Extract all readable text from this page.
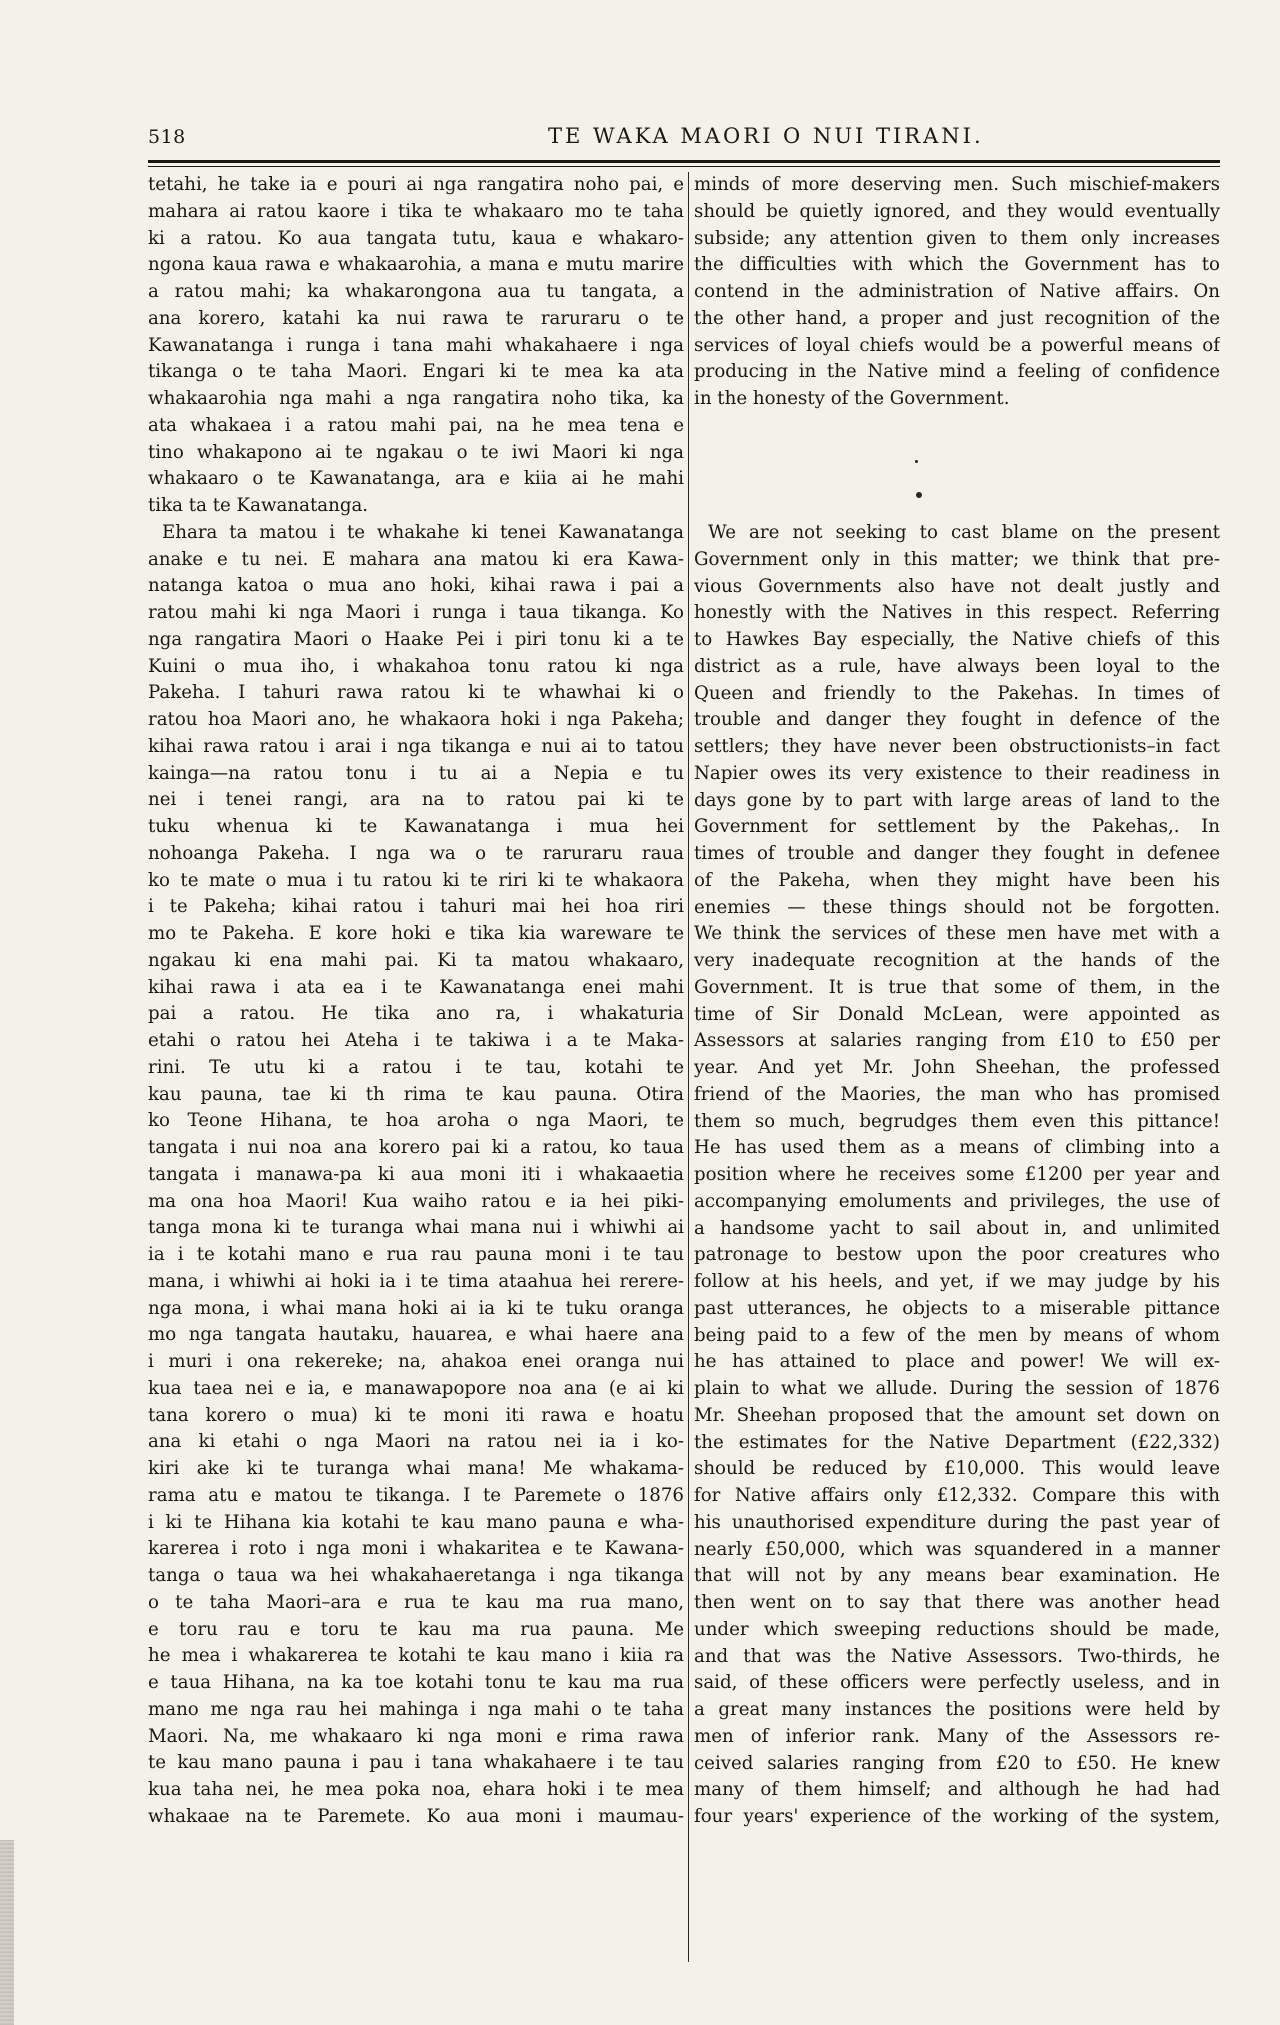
518	TE WAKA MAORI O NUI TIRANI.
tetahi, he take ia e pouri ai nga rangatira noho pai, e
mahara ai ratou kaore i tika te whakaaro mo te taha
ki a ratou. Ko aua tangata tutu, kaua e whakaro-
ngona kaua rawa e whakaarohia, a mana e mutu marire
a ratou mahi; ka whakarongona aua tu tangata, a
ana korero, katahi ka nui rawa te raruraru o te
Kawanatanga i runga i tana mahi whakahaere i nga
tikanga o te taha Maori. Engari ki te mea ka ata
whakaarohia nga mahi a nga rangatira noho tika, ka
ata whakaea i a ratou mahi pai, na he mea tena e
tino whakapono ai te ngakau o te iwi Maori ki nga
whakaaro o te Kawanatanga, ara e kiia ai he mahi
tika ta te Kawanatanga.
Ehara ta matou i te whakahe ki tenei Kawanatanga
anake e tu nei. E mahara ana matou ki era Kawa-
natanga katoa o mua ano hoki, kihai rawa i pai a
ratou mahi ki nga Maori i runga i taua tikanga. Ko
nga rangatira Maori o Haake Pei i piri tonu ki a te
Kuini o mua iho, i whakahoa tonu ratou ki nga
Pakeha. I tahuri rawa ratou ki te whawhai ki o
ratou hoa Maori ano, he whakaora hoki i nga Pakeha;
kihai rawa ratou i arai i nga tikanga e nui ai to tatou
kainga—na ratou tonu i tu ai a Nepia e tu
nei i tenei rangi, ara na to ratou pai ki te
tuku whenua ki te Kawanatanga i mua hei
nohoanga Pakeha. I nga wa o te raruraru raua
ko te mate o mua i tu ratou ki te riri ki te whakaora
i te Pakeha; kihai ratou i tahuri mai hei hoa riri
mo te Pakeha. E kore hoki e tika kia wareware te
ngakau ki ena mahi pai. Ki ta matou whakaaro,
kihai rawa i ata ea i te Kawanatanga enei mahi
pai a ratou. He tika ano ra, i whakaturia
etahi o ratou hei Ateha i te takiwa i a te Maka-
rini. Te utu ki a ratou i te tau, kotahi te
kau pauna, tae ki th rima te kau pauna. Otira
ko Teone Hihana, te hoa aroha o nga Maori, te
tangata i nui noa ana korero pai ki a ratou, ko taua
tangata i manawa-pa ki aua moni iti i whakaaetia
ma ona hoa Maori! Kua waiho ratou e ia hei piki-
tanga mona ki te turanga whai mana nui i whiwhi ai
ia i te kotahi mano e rua rau pauna moni i te tau
mana, i whiwhi ai hoki ia i te tima ataahua hei rerere-
nga mona, i whai mana hoki ai ia ki te tuku oranga
mo nga tangata hautaku, hauarea, e whai haere ana
i muri i ona rekereke; na, ahakoa enei oranga nui
kua taea nei e ia, e manawapopore noa ana (e ai ki
tana korero o mua) ki te moni iti rawa e hoatu
ana ki etahi o nga Maori na ratou nei ia i ko-
kiri ake ki te turanga whai mana! Me whakama-
rama atu e matou te tikanga. I te Paremete o 1876
i ki te Hihana kia kotahi te kau mano pauna e wha-
karerea i roto i nga moni i whakaritea e te Kawana-
tanga o taua wa hei whakahaeretanga i nga tikanga
o te taha Maori–ara e rua te kau ma rua mano,
e toru rau e toru te kau ma rua pauna. Me
he mea i whakarerea te kotahi te kau mano i kiia ra
e taua Hihana, na ka toe kotahi tonu te kau ma rua
mano me nga rau hei mahinga i nga mahi o te taha
Maori. Na, me whakaaro ki nga moni e rima rawa
te kau mano pauna i pau i tana whakahaere i te tau
kua taha nei, he mea poka noa, ehara hoki i te mea
whakaae na te Paremete. Ko aua moni i maumau-
minds of more deserving men. Such mischief-makers
should be quietly ignored, and they would eventually
subside; any attention given to them only increases
the difficulties with which the Government has to
contend in the administration of Native affairs. On
the other hand, a proper and just recognition of the
services of loyal chiefs would be a powerful means of
producing in the Native mind a feeling of confidence
in the honesty of the Government.
We are not seeking to cast blame on the present
Government only in this matter; we think that pre-
vious Governments also have not dealt justly and
honestly with the Natives in this respect. Referring
to Hawkes Bay especially, the Native chiefs of this
district as a rule, have always been loyal to the
Queen and friendly to the Pakehas. In times of
trouble and danger they fought in defence of the
settlers; they have never been obstructionists–in fact
Napier owes its very existence to their readiness in
days gone by to part with large areas of land to the
Government for settlement by the Pakehas,. In
times of trouble and danger they fought in defenee
of the Pakeha, when they might have been his
enemies — these things should not be forgotten.
We think the services of these men have met with a
very inadequate recognition at the hands of the
Government. It is true that some of them, in the
time of Sir Donald McLean, were appointed as
Assessors at salaries ranging from £10 to £50 per
year. And yet Mr. John Sheehan, the professed
friend of the Maories, the man who has promised
them so much, begrudges them even this pittance!
He has used them as a means of climbing into a
position where he receives some £1200 per year and
accompanying emoluments and privileges, the use of
a handsome yacht to sail about in, and unlimited
patronage to bestow upon the poor creatures who
follow at his heels, and yet, if we may judge by his
past utterances, he objects to a miserable pittance
being paid to a few of the men by means of whom
he has attained to place and power! We will ex-
plain to what we allude. During the session of 1876
Mr. Sheehan proposed that the amount set down on
the estimates for the Native Department (£22,332)
should be reduced by £10,000. This would leave
for Native affairs only £12,332. Compare this with
his unauthorised expenditure during the past year of
nearly £50,000, which was squandered in a manner
that will not by any means bear examination. He
then went on to say that there was another head
under which sweeping reductions should be made,
and that was the Native Assessors. Two-thirds, he
said, of these officers were perfectly useless, and in
a great many instances the positions were held by
men of inferior rank. Many of the Assessors re-
ceived salaries ranging from £20 to £50. He knew
many of them himself; and although he had had
four years' experience of the working of the system,
